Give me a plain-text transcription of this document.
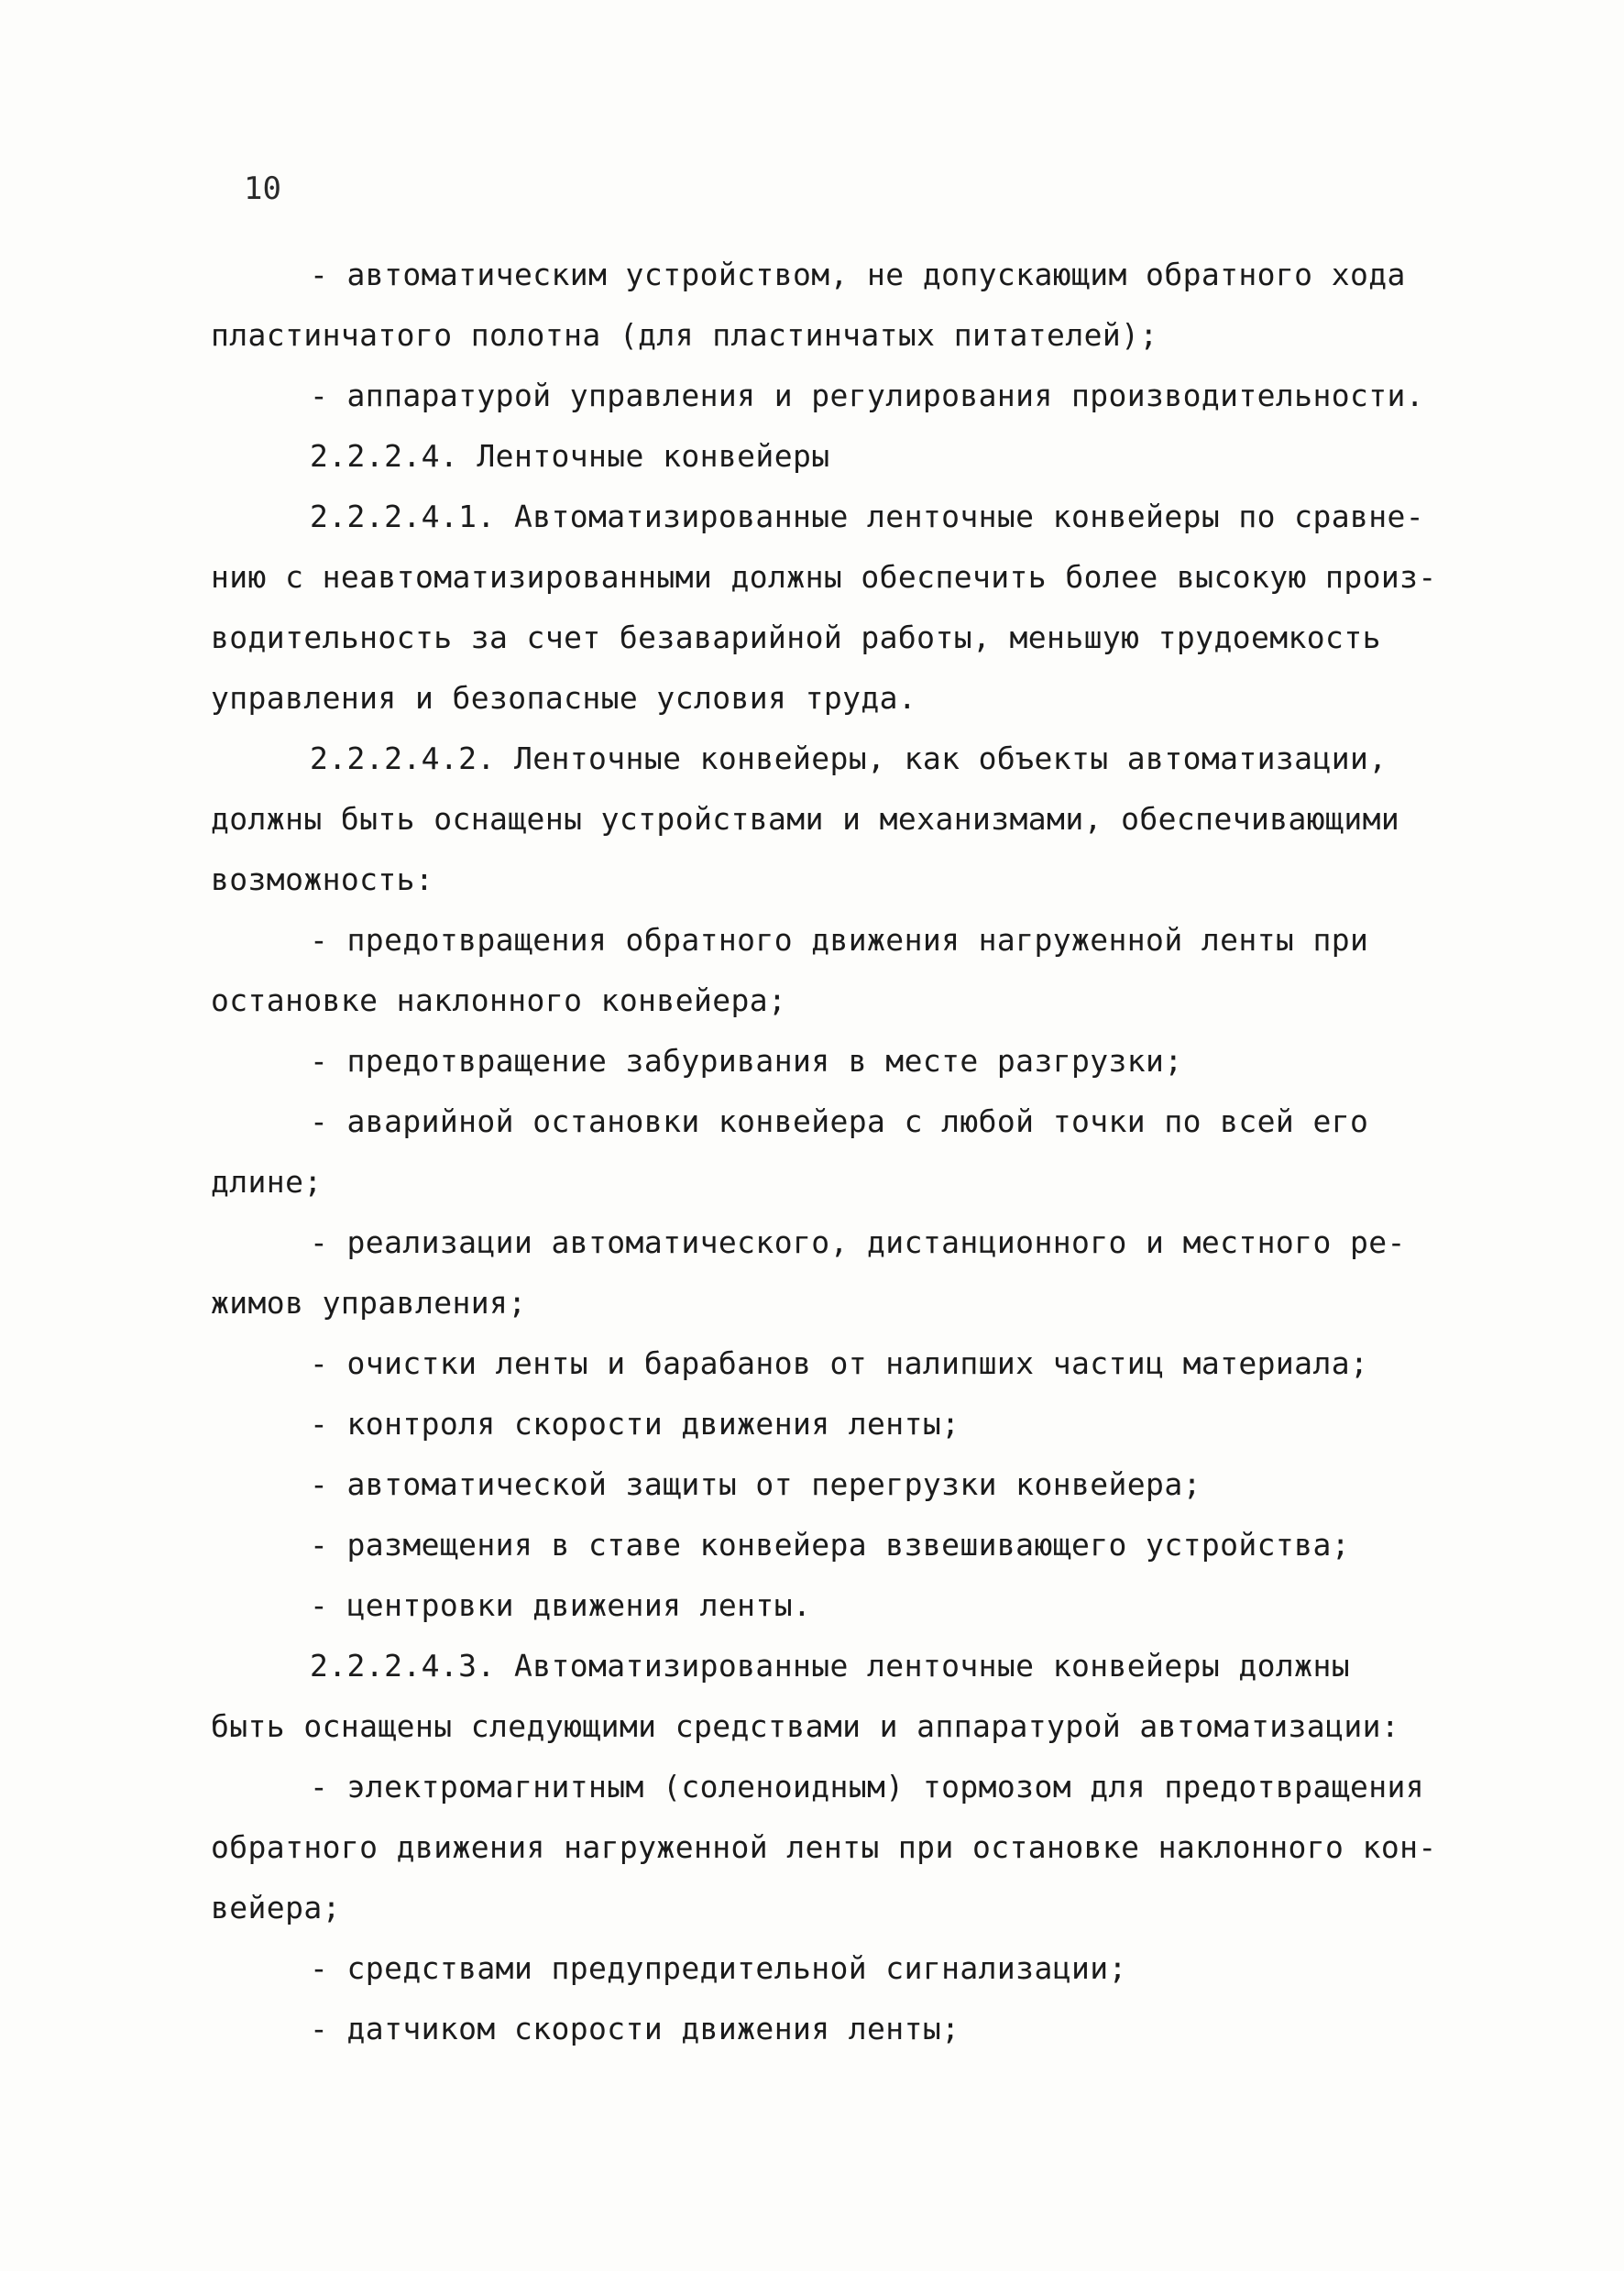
10
- автоматическим устройством, не допускающим обратного хода
пластинчатого полотна (для пластинчатых питателей);
- аппаратурой управления и регулирования производительности.
2.2.2.4. Ленточные конвейеры
2.2.2.4.1. Автоматизированные ленточные конвейеры по сравне-
нию с неавтоматизированными должны обеспечить более высокую произ-
водительность за счет безаварийной работы, меньшую трудоемкость
управления и безопасные условия труда.
2.2.2.4.2. Ленточные конвейеры, как объекты автоматизации,
должны быть оснащены устройствами и механизмами, обеспечивающими
возможность:
- предотвращения обратного движения нагруженной ленты при
остановке наклонного конвейера;
- предотвращение забуривания в месте разгрузки;
- аварийной остановки конвейера с любой точки по всей его
длине;
- реализации автоматического, дистанционного и местного ре-
жимов управления;
- очистки ленты и барабанов от налипших частиц материала;
- контроля скорости движения ленты;
- автоматической защиты от перегрузки конвейера;
- размещения в ставе конвейера взвешивающего устройства;
- центровки движения ленты.
2.2.2.4.3. Автоматизированные ленточные конвейеры должны
быть оснащены следующими средствами и аппаратурой автоматизации:
- электромагнитным (соленоидным) тормозом для предотвращения
обратного движения нагруженной ленты при остановке наклонного кон-
вейера;
- средствами предупредительной сигнализации;
- датчиком скорости движения ленты;
